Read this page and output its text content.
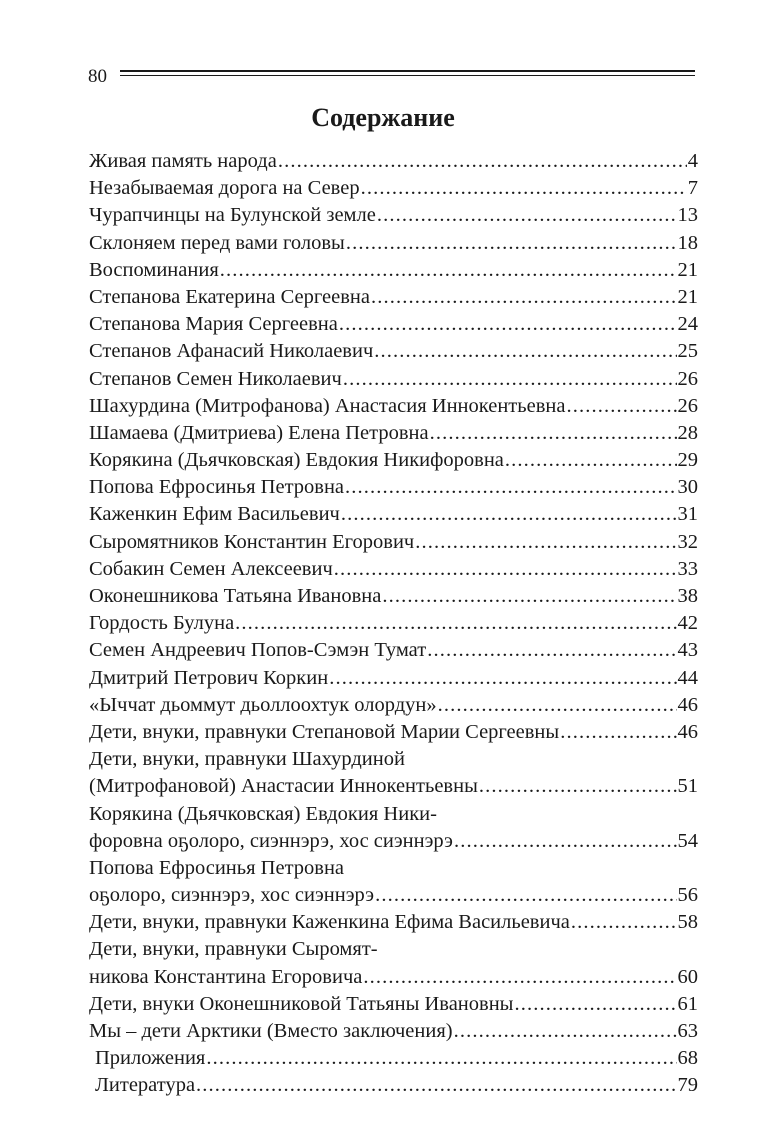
80
Содержание
Живая память народа . . .	4
Незабываемая дорога на Север . . .	7
Чурапчинцы на Булунской земле . . .	13
Склоняем перед вами головы . . .	18
Воспоминания . . .	21
Степанова Екатерина Сергеевна . . .	21
Степанова Мария Сергеевна . . .	24
Степанов Афанасий Николаевич . . .	25
Степанов Семен Николаевич . . .	26
Шахурдина (Митрофанова) Анастасия Иннокентьевна . . .	26
Шамаева (Дмитриева) Елена Петровна . . .	28
Корякина (Дьячковская) Евдокия Никифоровна . . .	29
Попова Ефросинья Петровна . . .	30
Каженкин Ефим Васильевич . . .	31
Сыромятников Константин Егорович . . .	32
Собакин Семен Алексеевич . . .	33
Оконешникова Татьяна Ивановна . . .	38
Гордость Булуна . . .	42
Семен Андреевич Попов-Сэмэн Тумат . . .	43
Дмитрий Петрович Коркин . . .	44
«Ыччат дьоммут дьоллоохтук олордун» . . .	46
Дети, внуки, правнуки Степановой Марии Сергеевны . . .	46
Дети, внуки, правнуки Шахурдиной
(Митрофановой) Анастасии Иннокентьевны . . .	51
Корякина (Дьячковская) Евдокия Ники-
форовна оҕолоро, сиэннэрэ, хос сиэннэрэ . . .	54
Попова Ефросинья Петровна
оҕолоро, сиэннэрэ, хос сиэннэрэ . . .	56
Дети, внуки, правнуки Каженкина Ефима Васильевича . . .	58
Дети, внуки, правнуки Сыромят-
никова Константина Егоровича . . .	60
Дети, внуки Оконешниковой Татьяны Ивановны . . .	61
Мы – дети Арктики (Вместо заключения) . . .	63
Приложения . . .	68
Литература . . .	79
